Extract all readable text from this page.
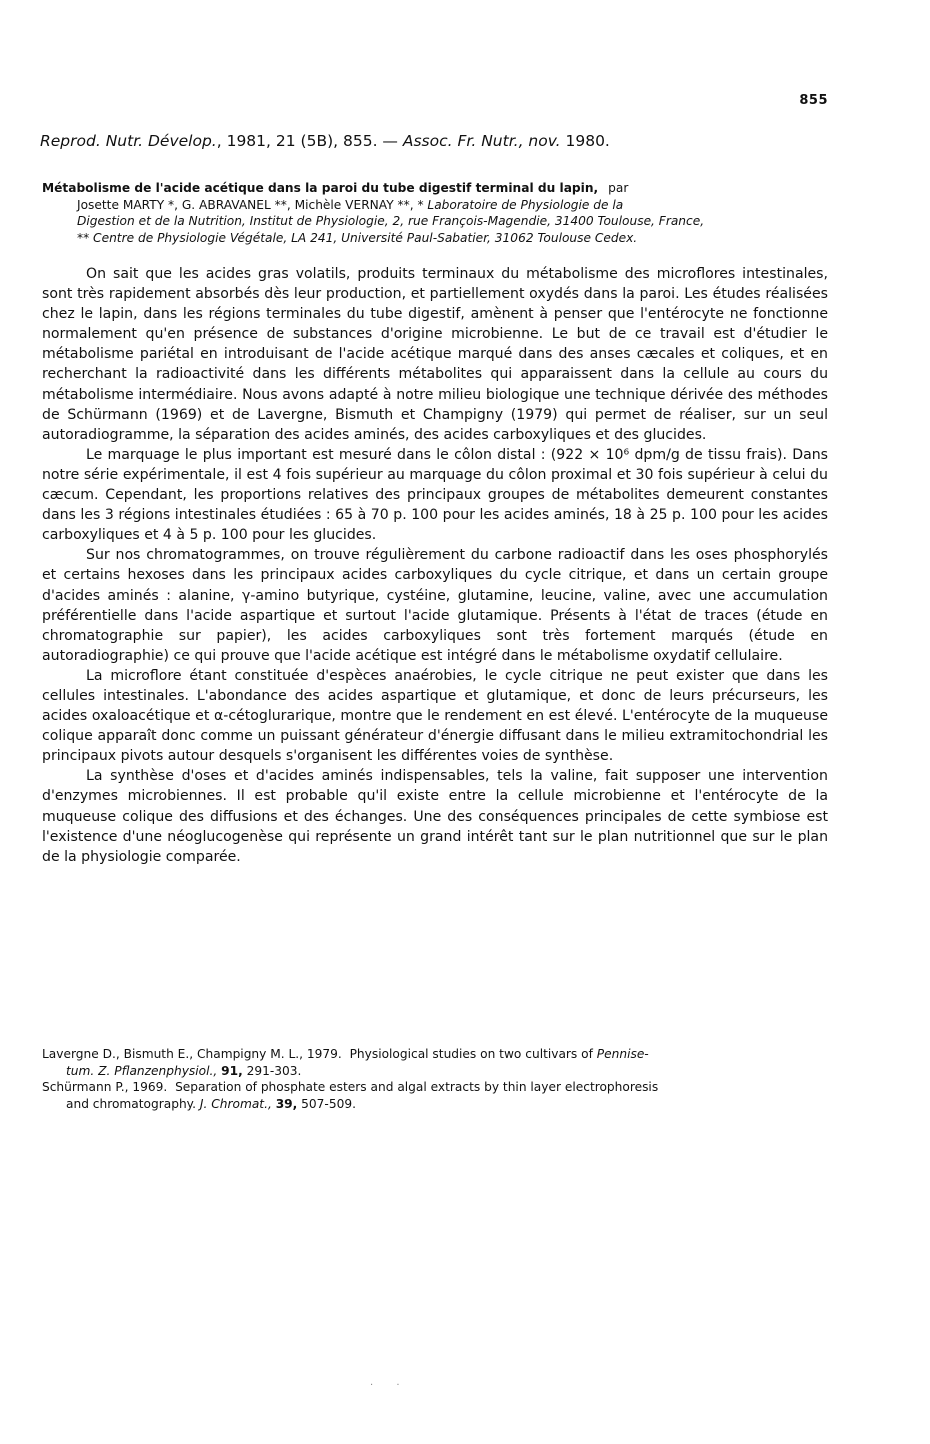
855
Reprod. Nutr. Dévelop., 1981, 21 (5B), 855. — Assoc. Fr. Nutr., nov. 1980.
Métabolisme de l'acide acétique dans la paroi du tube digestif terminal du lapin, par
Josette MARTY *, G. ABRAVANEL **, Michèle VERNAY **, * Laboratoire de Physiologie de la
Digestion et de la Nutrition, Institut de Physiologie, 2, rue François-Magendie, 31400 Toulouse, France,
** Centre de Physiologie Végétale, LA 241, Université Paul-Sabatier, 31062 Toulouse Cedex.

On sait que les acides gras volatils, produits terminaux du métabolisme des microflores intestinales, sont très rapidement absorbés dès leur production, et partiellement oxydés dans la paroi. Les études réalisées chez le lapin, dans les régions terminales du tube digestif, amènent à penser que l'entérocyte ne fonctionne normalement qu'en présence de substances d'origine microbienne. Le but de ce travail est d'étudier le métabolisme pariétal en introduisant de l'acide acétique marqué dans des anses cæcales et coliques, et en recherchant la radioactivité dans les différents métabolites qui apparaissent dans la cellule au cours du métabolisme intermédiaire. Nous avons adapté à notre milieu biologique une technique dérivée des méthodes de Schürmann (1969) et de Lavergne, Bismuth et Champigny (1979) qui permet de réaliser, sur un seul autoradiogramme, la séparation des acides aminés, des acides carboxyliques et des glucides.

Le marquage le plus important est mesuré dans le côlon distal : (922 × 10⁶ dpm/g de tissu frais). Dans notre série expérimentale, il est 4 fois supérieur au marquage du côlon proximal et 30 fois supérieur à celui du cæcum. Cependant, les proportions relatives des principaux groupes de métabolites demeurent constantes dans les 3 régions intestinales étudiées : 65 à 70 p. 100 pour les acides aminés, 18 à 25 p. 100 pour les acides carboxyliques et 4 à 5 p. 100 pour les glucides.

Sur nos chromatogrammes, on trouve régulièrement du carbone radioactif dans les oses phosphorylés et certains hexoses dans les principaux acides carboxyliques du cycle citrique, et dans un certain groupe d'acides aminés : alanine, γ-amino butyrique, cystéine, glutamine, leucine, valine, avec une accumulation préférentielle dans l'acide aspartique et surtout l'acide glutamique. Présents à l'état de traces (étude en chromatographie sur papier), les acides carboxyliques sont très fortement marqués (étude en autoradiographie) ce qui prouve que l'acide acétique est intégré dans le métabolisme oxydatif cellulaire.

La microflore étant constituée d'espèces anaérobies, le cycle citrique ne peut exister que dans les cellules intestinales. L'abondance des acides aspartique et glutamique, et donc de leurs précurseurs, les acides oxaloacétique et α-cétoglurarique, montre que le rendement en est élevé. L'entérocyte de la muqueuse colique apparaît donc comme un puissant générateur d'énergie diffusant dans le milieu extramitochondrial les principaux pivots autour desquels s'organisent les différentes voies de synthèse.

La synthèse d'oses et d'acides aminés indispensables, tels la valine, fait supposer une intervention d'enzymes microbiennes. Il est probable qu'il existe entre la cellule microbienne et l'entérocyte de la muqueuse colique des diffusions et des échanges. Une des conséquences principales de cette symbiose est l'existence d'une néoglucogenèse qui représente un grand intérêt tant sur le plan nutritionnel que sur le plan de la physiologie comparée.

Lavergne D., Bismuth E., Champigny M. L., 1979. Physiological studies on two cultivars of Pennise-
tum. Z. Pflanzenphysiol., 91, 291-303.
Schürmann P., 1969. Separation of phosphate esters and algal extracts by thin layer electrophoresis
and chromatography. J. Chromat., 39, 507-509.
· ·
